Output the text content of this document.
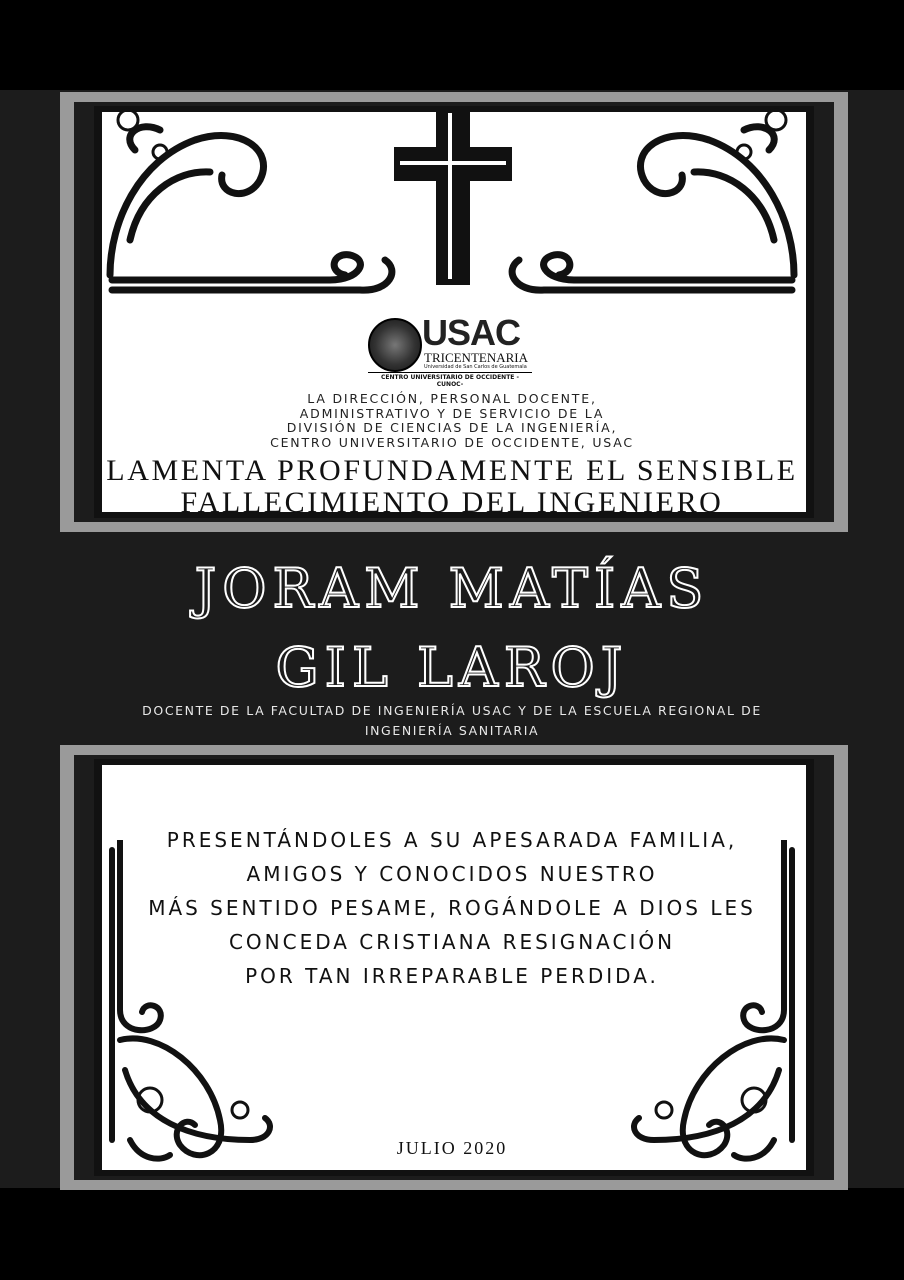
USAC
TRICENTENARIA
Universidad de San Carlos de Guatemala
CENTRO UNIVERSITARIO DE OCCIDENTE -CUNOC-
LA DIRECCIÓN, PERSONAL DOCENTE,
ADMINISTRATIVO Y DE SERVICIO DE LA
DIVISIÓN DE CIENCIAS DE LA INGENIERÍA,
CENTRO UNIVERSITARIO DE OCCIDENTE, USAC
LAMENTA PROFUNDAMENTE EL SENSIBLE
FALLECIMIENTO DEL INGENIERO
JORAM MATÍAS
GIL LAROJ
DOCENTE DE LA FACULTAD DE INGENIERÍA USAC Y DE LA ESCUELA REGIONAL DE
INGENIERÍA SANITARIA
PRESENTÁNDOLES A SU APESARADA FAMILIA,
AMIGOS Y CONOCIDOS NUESTRO
MÁS SENTIDO PESAME, ROGÁNDOLE A DIOS LES
CONCEDA CRISTIANA RESIGNACIÓN
POR TAN IRREPARABLE PERDIDA.
JULIO 2020
